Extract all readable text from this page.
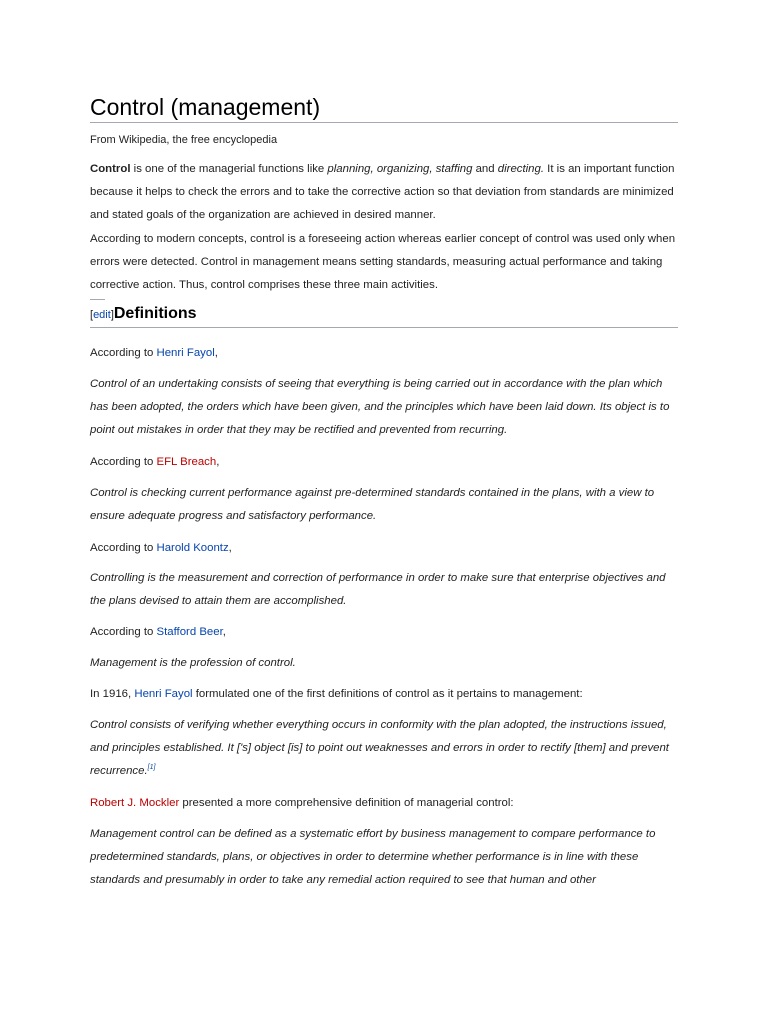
Control (management)
From Wikipedia, the free encyclopedia

Control is one of the managerial functions like planning, organizing, staffing and directing. It is an important function because it helps to check the errors and to take the corrective action so that deviation from standards are minimized and stated goals of the organization are achieved in desired manner.
According to modern concepts, control is a foreseeing action whereas earlier concept of control was used only when errors were detected. Control in management means setting standards, measuring actual performance and taking corrective action. Thus, control comprises these three main activities.

[edit]Definitions

According to Henri Fayol,

Control of an undertaking consists of seeing that everything is being carried out in accordance with the plan which has been adopted, the orders which have been given, and the principles which have been laid down. Its object is to point out mistakes in order that they may be rectified and prevented from recurring.

According to EFL Breach,

Control is checking current performance against pre-determined standards contained in the plans, with a view to ensure adequate progress and satisfactory performance.

According to Harold Koontz,

Controlling is the measurement and correction of performance in order to make sure that enterprise objectives and the plans devised to attain them are accomplished.

According to Stafford Beer,

Management is the profession of control.

In 1916, Henri Fayol formulated one of the first definitions of control as it pertains to management:

Control consists of verifying whether everything occurs in conformity with the plan adopted, the instructions issued, and principles established. It ['s] object [is] to point out weaknesses and errors in order to rectify [them] and prevent recurrence.[1]

Robert J. Mockler presented a more comprehensive definition of managerial control:

Management control can be defined as a systematic effort by business management to compare performance to predetermined standards, plans, or objectives in order to determine whether performance is in line with these standards and presumably in order to take any remedial action required to see that human and other
